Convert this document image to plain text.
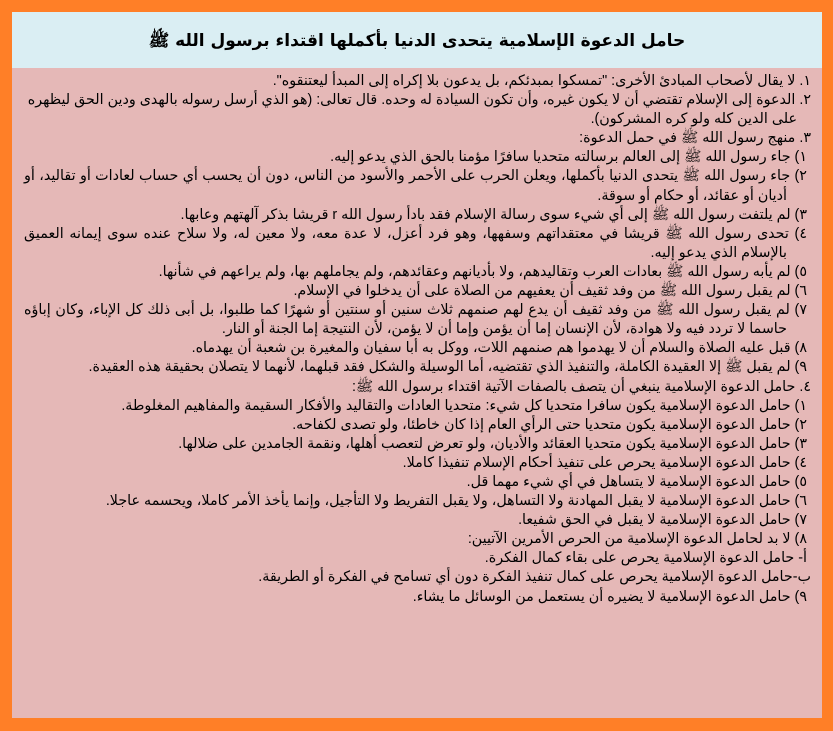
حامل الدعوة الإسلامية يتحدى الدنيا بأكملها اقتداء برسول الله ﷺ

١. لا يقال لأصحاب المبادئ الأخرى: "تمسكوا بمبدئكم، بل يدعون بلا إكراه إلى المبدأ ليعتنقوه".

٢. الدعوة إلى الإسلام تقتضي أن لا يكون غيره، وأن تكون السيادة له وحده. قال تعالى: (هو الذي أرسل رسوله بالهدى ودين الحق ليظهره على الدين كله ولو كره المشركون).

٣. منهج رسول الله ﷺ في حمل الدعوة:

١) جاء رسول الله ﷺ إلى العالم برسالته متحديا سافرًا مؤمنا بالحق الذي يدعو إليه.

٢) جاء رسول الله ﷺ يتحدى الدنيا بأكملها، ويعلن الحرب على الأحمر والأسود من الناس، دون أن يحسب أي حساب لعادات أو تقاليد، أو أديان أو عقائد، أو حكام أو سوقة.

٣) لم يلتفت رسول الله ﷺ إلى أي شيء سوى رسالة الإسلام فقد بادأ رسول الله r قريشا بذكر آلهتهم وعابها.

٤) تحدى رسول الله ﷺ قريشا في معتقداتهم وسفهها، وهو فرد أعزل، لا عدة معه، ولا معين له، ولا سلاح عنده سوى إيمانه العميق بالإسلام الذي يدعو إليه.

٥) لم يأبه رسول الله ﷺ بعادات العرب وتقاليدهم، ولا بأديانهم وعقائدهم، ولم يجاملهم بها، ولم يراعهم في شأنها.

٦) لم يقبل رسول الله ﷺ من وفد ثقيف أن يعفيهم من الصلاة على أن يدخلوا في الإسلام.

٧) لم يقبل رسول الله ﷺ من وفد ثقيف أن يدع لهم صنمهم ثلاث سنين أو سنتين أو شهرًا كما طلبوا، بل أبى ذلك كل الإباء، وكان إباؤه حاسما لا تردد فيه ولا هوادة، لأن الإنسان إما أن يؤمن وإما أن لا يؤمن، لأن النتيجة إما الجنة أو النار.

٨) قبل عليه الصلاة والسلام أن لا يهدموا هم صنمهم اللات، ووكل به أبا سفيان والمغيرة بن شعبة أن يهدماه.

٩) لم يقبل ﷺ إلا العقيدة الكاملة، والتنفيذ الذي تقتضيه، أما الوسيلة والشكل فقد قبلهما، لأنهما لا يتصلان بحقيقة هذه العقيدة.

٤. حامل الدعوة الإسلامية ينبغي أن يتصف بالصفات الآتية اقتداء برسول الله ﷺ:

١) حامل الدعوة الإسلامية يكون سافرا متحديا كل شيء: متحديا العادات والتقاليد والأفكار السقيمة والمفاهيم المغلوطة.

٢) حامل الدعوة الإسلامية يكون متحديا حتى الرأي العام إذا كان خاطئا، ولو تصدى لكفاحه.

٣) حامل الدعوة الإسلامية يكون متحديا العقائد والأديان، ولو تعرض لتعصب أهلها، ونقمة الجامدين على ضلالها.

٤) حامل الدعوة الإسلامية يحرص على تنفيذ أحكام الإسلام تنفيذا كاملا.

٥) حامل الدعوة الإسلامية لا يتساهل في أي شيء مهما قل.

٦) حامل الدعوة الإسلامية لا يقبل المهادنة ولا التساهل، ولا يقبل التفريط ولا التأجيل، وإنما يأخذ الأمر كاملا، ويحسمه عاجلا.

٧) حامل الدعوة الإسلامية لا يقبل في الحق شفيعا.

٨) لا بد لحامل الدعوة الإسلامية من الحرص الأمرين الآتيين:

أ- حامل الدعوة الإسلامية يحرص على بقاء كمال الفكرة.

ب-حامل الدعوة الإسلامية يحرص على كمال تنفيذ الفكرة دون أي تسامح في الفكرة أو الطريقة.

٩) حامل الدعوة الإسلامية لا يضيره أن يستعمل من الوسائل ما يشاء.
